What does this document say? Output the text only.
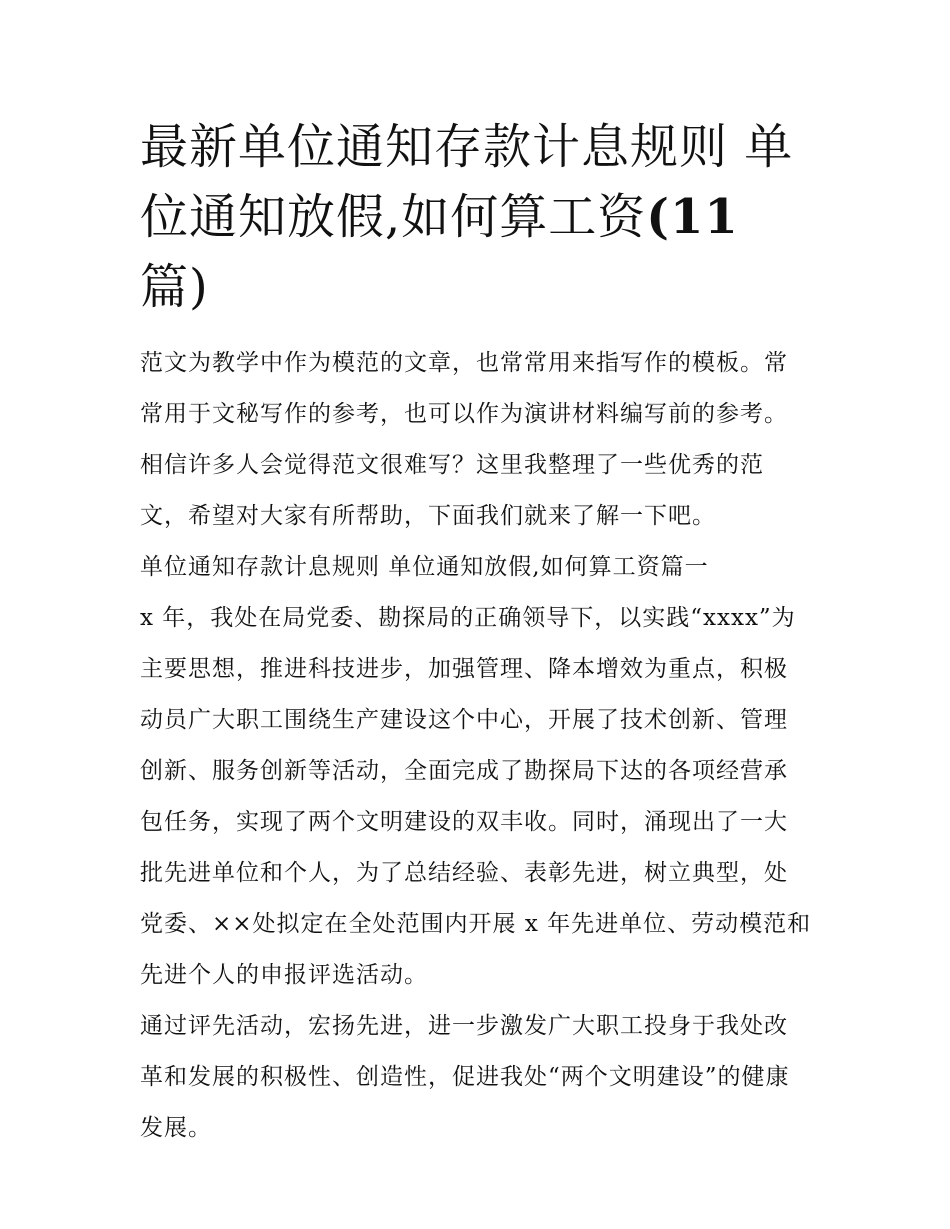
最新单位通知存款计息规则 单
位通知放假,如何算工资(11 篇)
范文为教学中作为模范的文章，也常常用来指写作的模板。常
常用于文秘写作的参考，也可以作为演讲材料编写前的参考。
相信许多人会觉得范文很难写？这里我整理了一些优秀的范
文，希望对大家有所帮助，下面我们就来了解一下吧。
单位通知存款计息规则 单位通知放假,如何算工资篇一
x 年，我处在局党委、勘探局的正确领导下，以实践“xxxx”为
主要思想，推进科技进步，加强管理、降本增效为重点，积极
动员广大职工围绕生产建设这个中心，开展了技术创新、管理
创新、服务创新等活动，全面完成了勘探局下达的各项经营承
包任务，实现了两个文明建设的双丰收。同时，涌现出了一大
批先进单位和个人，为了总结经验、表彰先进，树立典型，处
党委、××处拟定在全处范围内开展 x 年先进单位、劳动模范和
先进个人的申报评选活动。
通过评先活动，宏扬先进，进一步激发广大职工投身于我处改
革和发展的积极性、创造性，促进我处“两个文明建设”的健康
发展。
